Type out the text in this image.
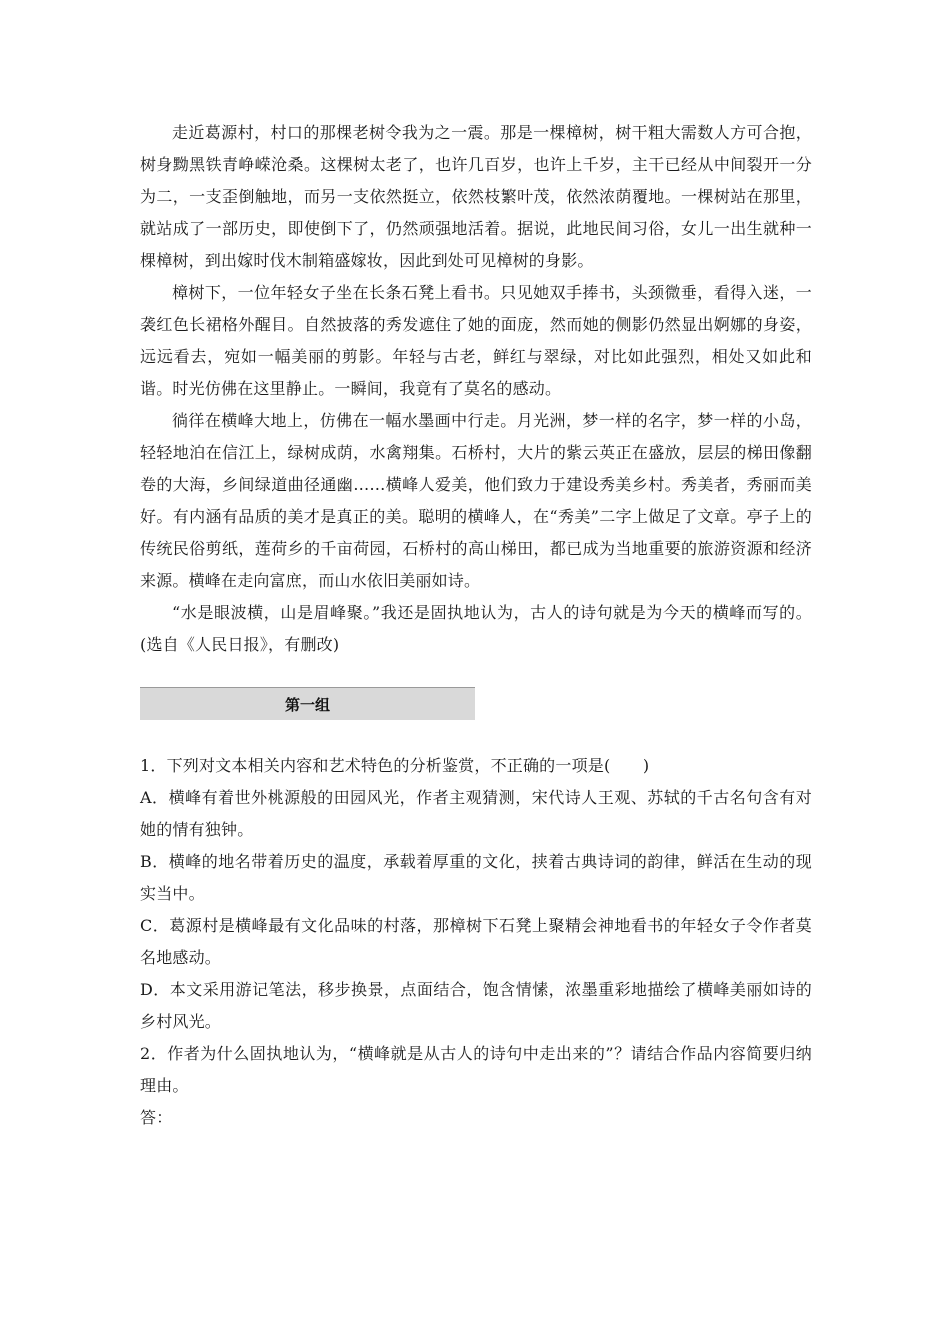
走近葛源村，村口的那棵老树令我为之一震。那是一棵樟树，树干粗大需数人方可合抱，树身黝黑铁青峥嵘沧桑。这棵树太老了，也许几百岁，也许上千岁，主干已经从中间裂开一分为二，一支歪倒触地，而另一支依然挺立，依然枝繁叶茂，依然浓荫覆地。一棵树站在那里，就站成了一部历史，即使倒下了，仍然顽强地活着。据说，此地民间习俗，女儿一出生就种一棵樟树，到出嫁时伐木制箱盛嫁妆，因此到处可见樟树的身影。

樟树下，一位年轻女子坐在长条石凳上看书。只见她双手捧书，头颈微垂，看得入迷，一袭红色长裙格外醒目。自然披落的秀发遮住了她的面庞，然而她的侧影仍然显出婀娜的身姿，远远看去，宛如一幅美丽的剪影。年轻与古老，鲜红与翠绿，对比如此强烈，相处又如此和谐。时光仿佛在这里静止。一瞬间，我竟有了莫名的感动。

徜徉在横峰大地上，仿佛在一幅水墨画中行走。月光洲，梦一样的名字，梦一样的小岛，轻轻地泊在信江上，绿树成荫，水禽翔集。石桥村，大片的紫云英正在盛放，层层的梯田像翻卷的大海，乡间绿道曲径通幽……横峰人爱美，他们致力于建设秀美乡村。秀美者，秀丽而美好。有内涵有品质的美才是真正的美。聪明的横峰人，在“秀美”二字上做足了文章。亭子上的传统民俗剪纸，莲荷乡的千亩荷园，石桥村的高山梯田，都已成为当地重要的旅游资源和经济来源。横峰在走向富庶，而山水依旧美丽如诗。

“水是眼波横，山是眉峰聚。”我还是固执地认为，古人的诗句就是为今天的横峰而写的。(选自《人民日报》，有删改)

第一组

1．下列对文本相关内容和艺术特色的分析鉴赏，不正确的一项是(　　)

A．横峰有着世外桃源般的田园风光，作者主观猜测，宋代诗人王观、苏轼的千古名句含有对她的情有独钟。

B．横峰的地名带着历史的温度，承载着厚重的文化，挟着古典诗词的韵律，鲜活在生动的现实当中。

C．葛源村是横峰最有文化品味的村落，那樟树下石凳上聚精会神地看书的年轻女子令作者莫名地感动。

D．本文采用游记笔法，移步换景，点面结合，饱含情愫，浓墨重彩地描绘了横峰美丽如诗的乡村风光。

2．作者为什么固执地认为，“横峰就是从古人的诗句中走出来的”？请结合作品内容简要归纳理由。

答：
